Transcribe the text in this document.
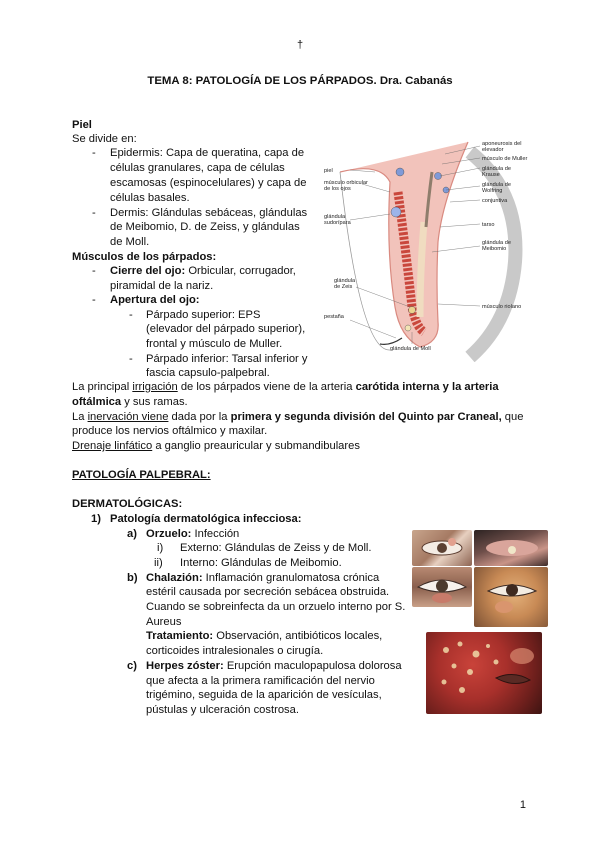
†
TEMA 8: PATOLOGÍA DE LOS PÁRPADOS. Dra. Cabanás
Piel
Se divide en:
- Epidermis: Capa de queratina, capa de
células granulares, capa de células
escamosas (espinocelulares) y capa de
células basales.
- Dermis: Glándulas sebáceas, glándulas
de Meibomio, D. de Zeiss, y glándulas
de Moll.
Músculos de los párpados:
- Cierre del ojo: Orbicular, corrugador,
piramidal de la nariz.
- Apertura del ojo:
- Párpado superior: EPS
(elevador del párpado superior),
frontal y músculo de Muller.
- Párpado inferior: Tarsal inferior y
fascia capsulo-palpebral.
La principal irrigación de los párpados viene de la arteria carótida interna y la arteria
oftálmica y sus ramas.
La inervación viene dada por la primera y segunda división del Quinto par Craneal, que
produce los nervios oftálmico y maxilar.
Drenaje linfático a ganglio preauricular y submandibulares
PATOLOGÍA PALPEBRAL:
DERMATOLÓGICAS:
1) Patología dermatológica infecciosa:
a) Orzuelo: Infección
i) Externo: Glándulas de Zeiss y de Moll.
ii) Interno: Glándulas de Meibomio.
b) Chalazión: Inflamación granulomatosa crónica
estéril causada por secreción sebácea obstruida.
Cuando se sobreinfecta da un orzuelo interno por S.
Aureus
Tratamiento: Observación, antibióticos locales,
corticoides intralesionales o cirugía.
c) Herpes zóster: Erupción maculopapulosa dolorosa
que afecta a la primera ramificación del nervio
trigémino, seguida de la aparición de vesículas,
pústulas y ulceración costrosa.
aponeurosis del
elevador
músculo de Muller
glándula de
Krause
glándula de
Wolfring
conjuntiva
piel
músculo orbicular
de los ojos
tarso
glándula
sudorípara
glándula de
Meibomio
glándula
de Zeis
músculo riolano
pestaña
glándula de Moll
1
